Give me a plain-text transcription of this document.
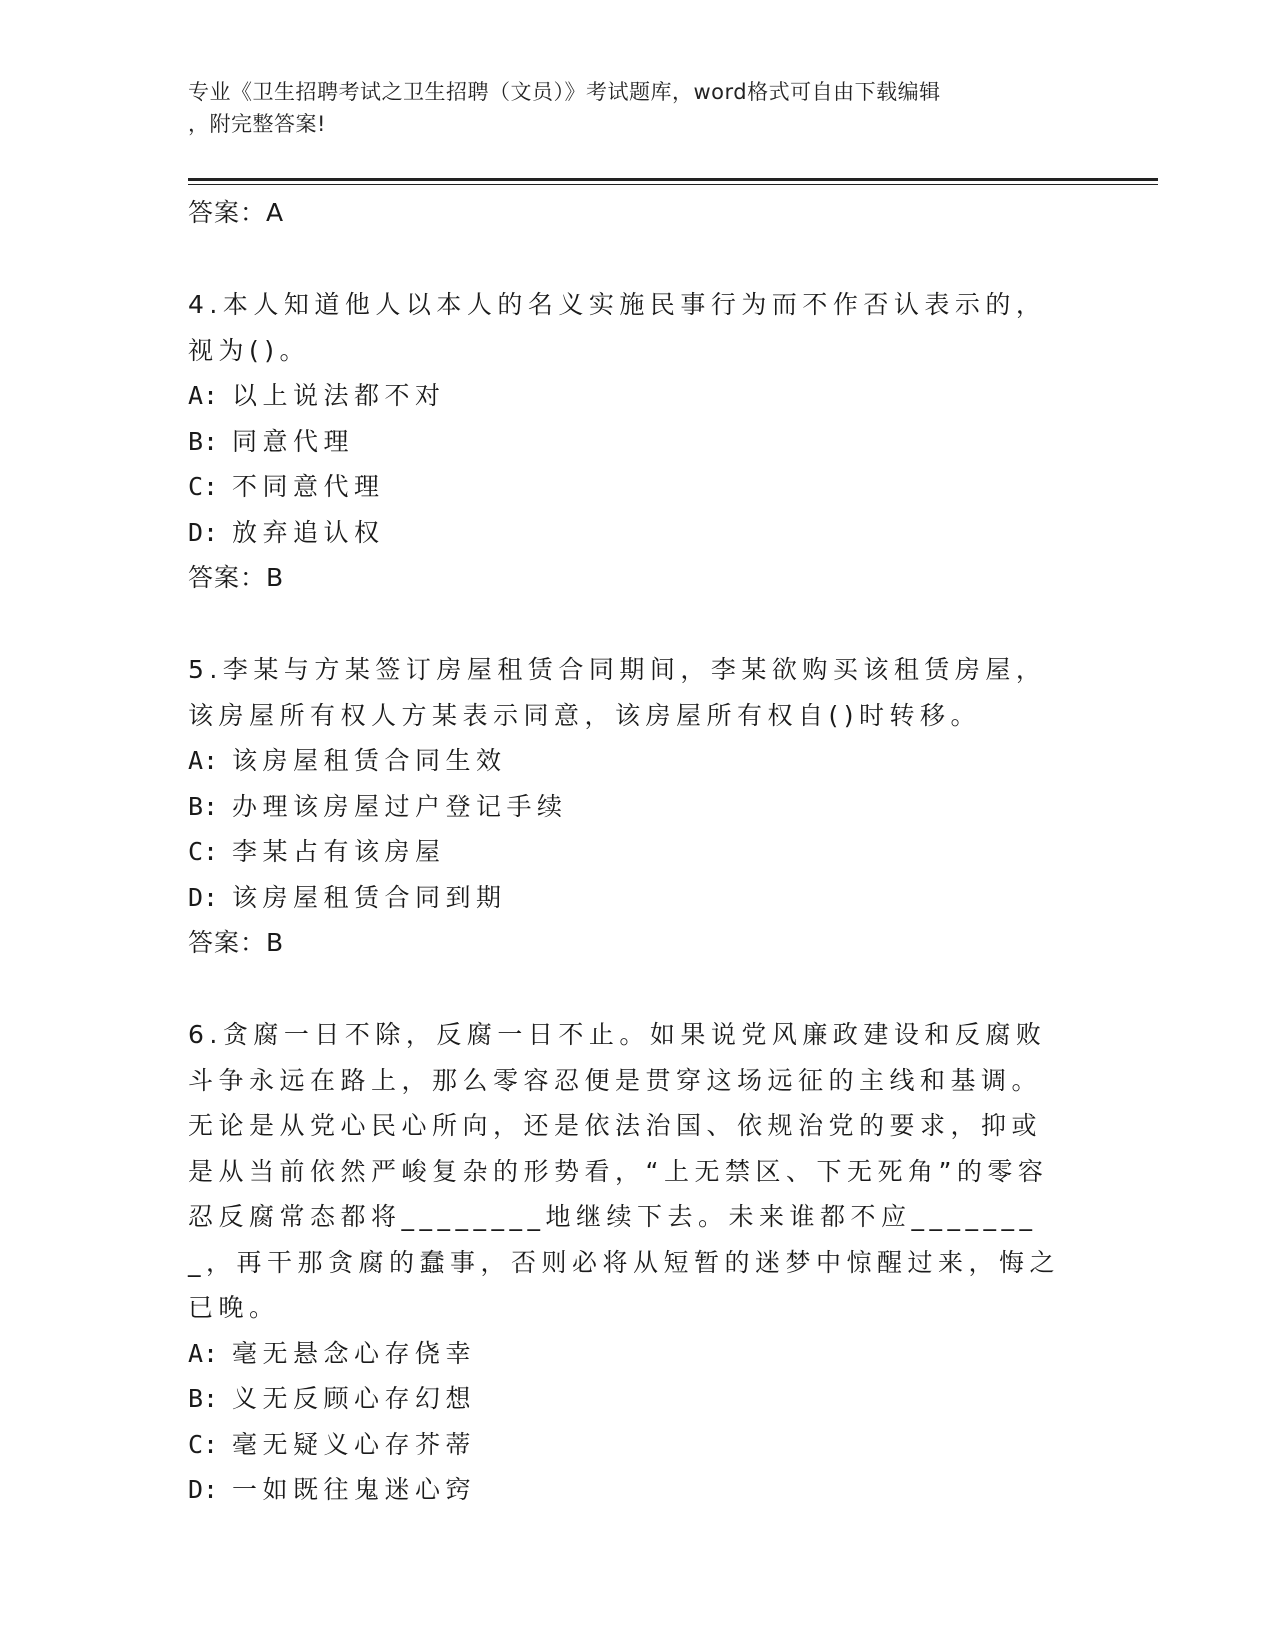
专业《卫生招聘考试之卫生招聘（文员）》考试题库，word格式可自由下载编辑
，附完整答案!
答案：A
4.本人知道他人以本人的名义实施民事行为而不作否认表示的，视为()。
A: 以上说法都不对
B: 同意代理
C: 不同意代理
D: 放弃追认权
答案：B
5.李某与方某签订房屋租赁合同期间，李某欲购买该租赁房屋，该房屋所有权人方某表示同意，该房屋所有权自()时转移。
A: 该房屋租赁合同生效
B: 办理该房屋过户登记手续
C: 李某占有该房屋
D: 该房屋租赁合同到期
答案：B
6.贪腐一日不除，反腐一日不止。如果说党风廉政建设和反腐败斗争永远在路上，那么零容忍便是贯穿这场远征的主线和基调。无论是从党心民心所向，还是依法治国、依规治党的要求，抑或是从当前依然严峻复杂的形势看，“上无禁区、下无死角”的零容忍反腐常态都将________地继续下去。未来谁都不应________，再干那贪腐的蠢事，否则必将从短暂的迷梦中惊醒过来，悔之已晚。
A: 毫无悬念心存侥幸
B: 义无反顾心存幻想
C: 毫无疑义心存芥蒂
D: 一如既往鬼迷心窍
